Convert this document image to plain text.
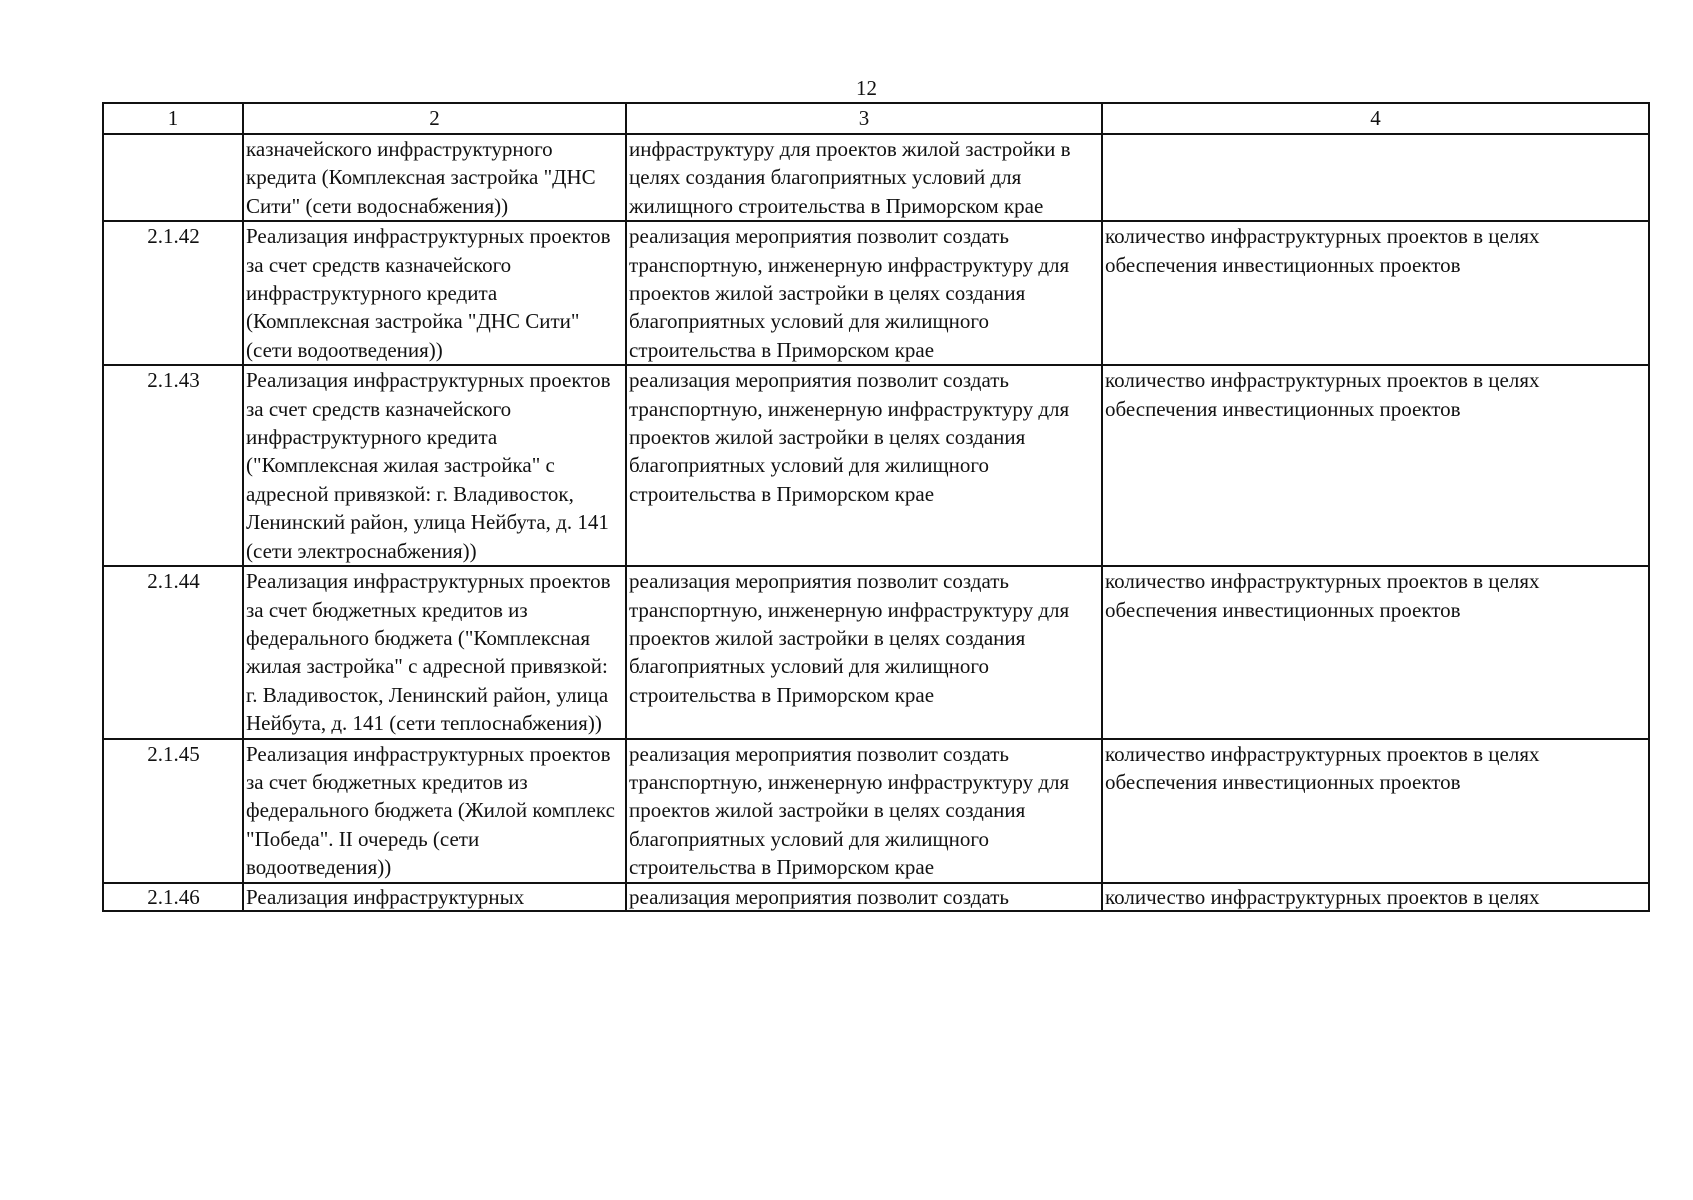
12
1	2	3	4
	казначейского инфраструктурного кредита (Комплексная застройка "ДНС Сити" (сети водоснабжения))	инфраструктуру для проектов жилой застройки в целях создания благоприятных условий для жилищного строительства в Приморском крае	
2.1.42	Реализация инфраструктурных проектов за счет средств казначейского инфраструктурного кредита (Комплексная застройка "ДНС Сити" (сети водоотведения))	реализация мероприятия позволит создать транспортную, инженерную инфраструктуру для проектов жилой застройки в целях создания благоприятных условий для жилищного строительства в Приморском крае	количество инфраструктурных проектов в целях обеспечения инвестиционных проектов
2.1.43	Реализация инфраструктурных проектов за счет средств казначейского инфраструктурного кредита ("Комплексная жилая застройка" с адресной привязкой: г. Владивосток, Ленинский район, улица Нейбута, д. 141 (сети электроснабжения))	реализация мероприятия позволит создать транспортную, инженерную инфраструктуру для проектов жилой застройки в целях создания благоприятных условий для жилищного строительства в Приморском крае	количество инфраструктурных проектов в целях обеспечения инвестиционных проектов
2.1.44	Реализация инфраструктурных проектов за счет бюджетных кредитов из федерального бюджета ("Комплексная жилая застройка" с адресной привязкой: г. Владивосток, Ленинский район, улица Нейбута, д. 141 (сети теплоснабжения))	реализация мероприятия позволит создать транспортную, инженерную инфраструктуру для проектов жилой застройки в целях создания благоприятных условий для жилищного строительства в Приморском крае	количество инфраструктурных проектов в целях обеспечения инвестиционных проектов
2.1.45	Реализация инфраструктурных проектов за счет бюджетных кредитов из федерального бюджета (Жилой комплекс "Победа". II очередь (сети водоотведения))	реализация мероприятия позволит создать транспортную, инженерную инфраструктуру для проектов жилой застройки в целях создания благоприятных условий для жилищного строительства в Приморском крае	количество инфраструктурных проектов в целях обеспечения инвестиционных проектов
2.1.46	Реализация инфраструктурных	реализация мероприятия позволит создать	количество инфраструктурных проектов в целях
